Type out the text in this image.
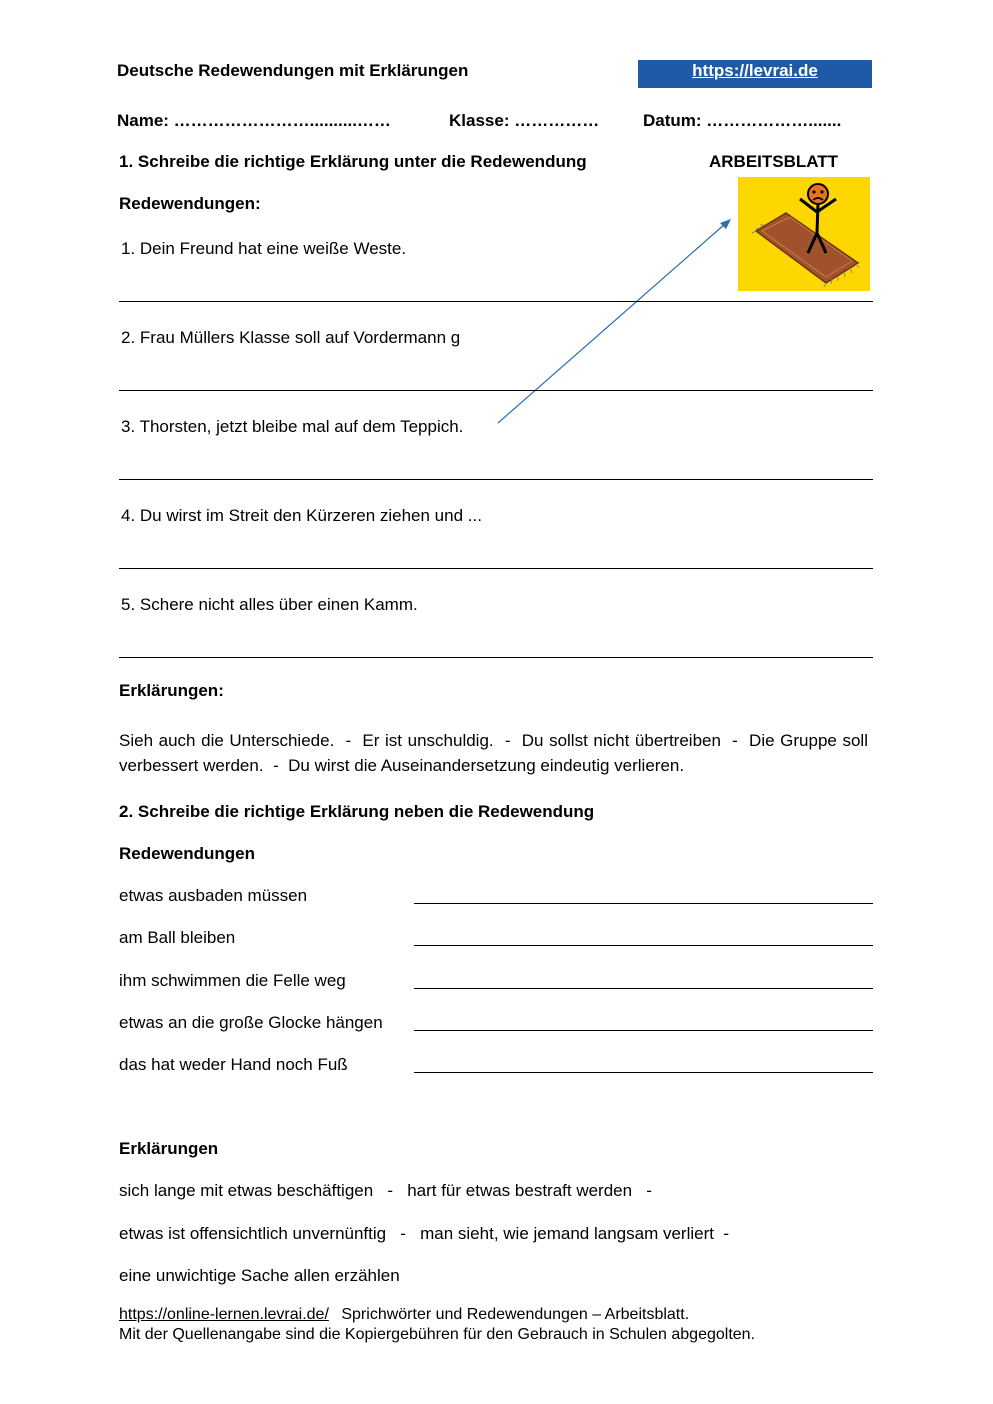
Deutsche Redewendungen mit Erklärungen	https://levrai.de
Name: ……………………..........……	Klasse: ……………	Datum: ……………….......
1. Schreibe die richtige Erklärung unter die Redewendung	ARBEITSBLATT
Redewendungen:
1. Dein Freund hat eine weiße Weste.
2. Frau Müllers Klasse soll auf Vordermann g
3. Thorsten, jetzt bleibe mal auf dem Teppich.
4. Du wirst im Streit den Kürzeren ziehen und ...
5. Schere nicht alles über einen Kamm.
Erklärungen:
Sieh auch die Unterschiede.  -  Er ist unschuldig.  -  Du sollst nicht übertreiben  -  Die Gruppe soll verbessert werden.  -  Du wirst die Auseinandersetzung eindeutig verlieren.
2. Schreibe die richtige Erklärung neben die Redewendung
Redewendungen
etwas ausbaden müssen
am Ball bleiben
ihm schwimmen die Felle weg
etwas an die große Glocke hängen
das hat weder Hand noch Fuß
Erklärungen
sich lange mit etwas beschäftigen   -   hart für etwas bestraft werden   -
etwas ist offensichtlich unvernünftig   -   man sieht, wie jemand langsam verliert  -
eine unwichtige Sache allen erzählen
https://online-lernen.levrai.de/ Sprichwörter und Redewendungen – Arbeitsblatt.
Mit der Quellenangabe sind die Kopiergebühren für den Gebrauch in Schulen abgegolten.
